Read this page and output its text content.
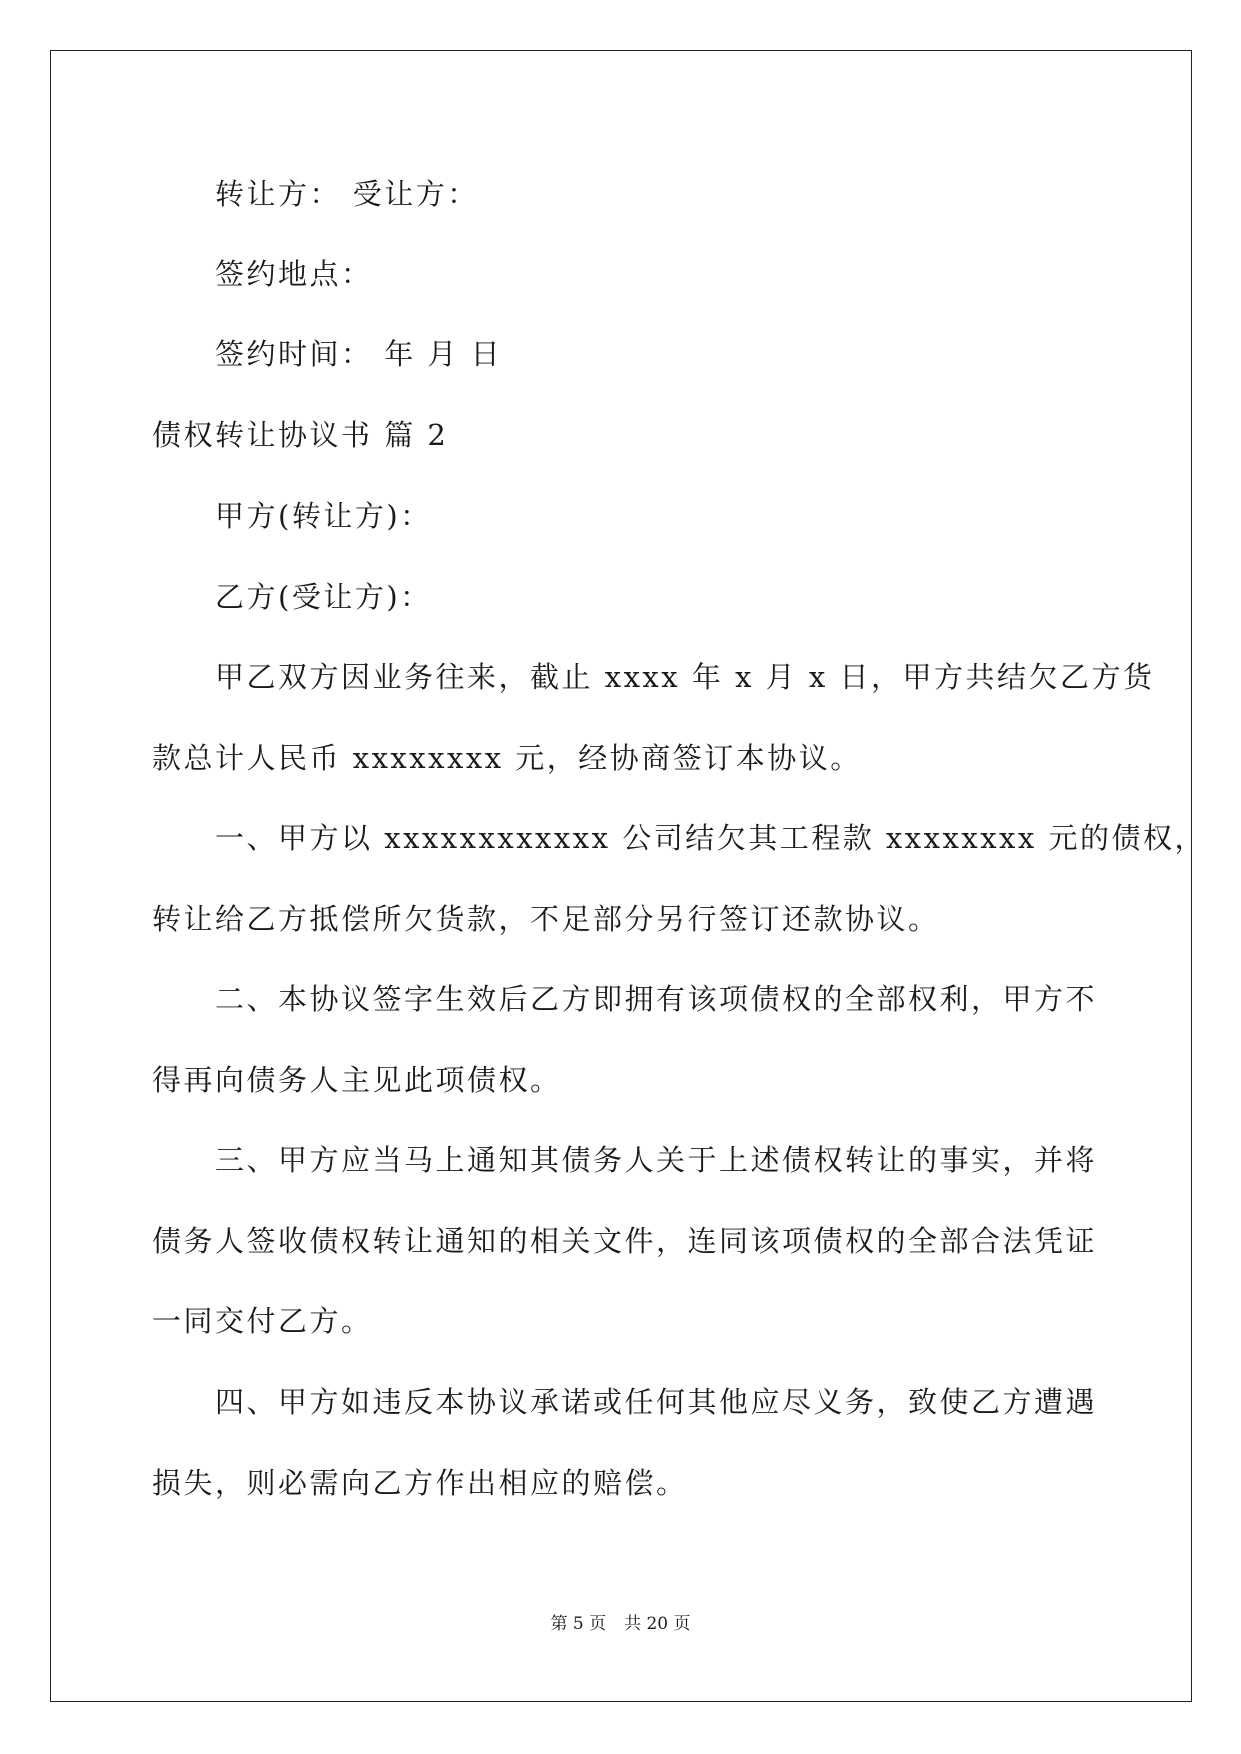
转让方： 受让方：
签约地点：
签约时间： 年 月 日
债权转让协议书 篇 2
甲方(转让方)：
乙方(受让方)：
甲乙双方因业务往来，截止 xxxx 年 x 月 x 日，甲方共结欠乙方货
款总计人民币 xxxxxxxx 元，经协商签订本协议。
一、甲方以 xxxxxxxxxxxx 公司结欠其工程款 xxxxxxxx 元的债权，
转让给乙方抵偿所欠货款，不足部分另行签订还款协议。
二、本协议签字生效后乙方即拥有该项债权的全部权利，甲方不
得再向债务人主见此项债权。
三、甲方应当马上通知其债务人关于上述债权转让的事实，并将
债务人签收债权转让通知的相关文件，连同该项债权的全部合法凭证
一同交付乙方。
四、甲方如违反本协议承诺或任何其他应尽义务，致使乙方遭遇
损失，则必需向乙方作出相应的赔偿。
第 5 页 共 20 页
